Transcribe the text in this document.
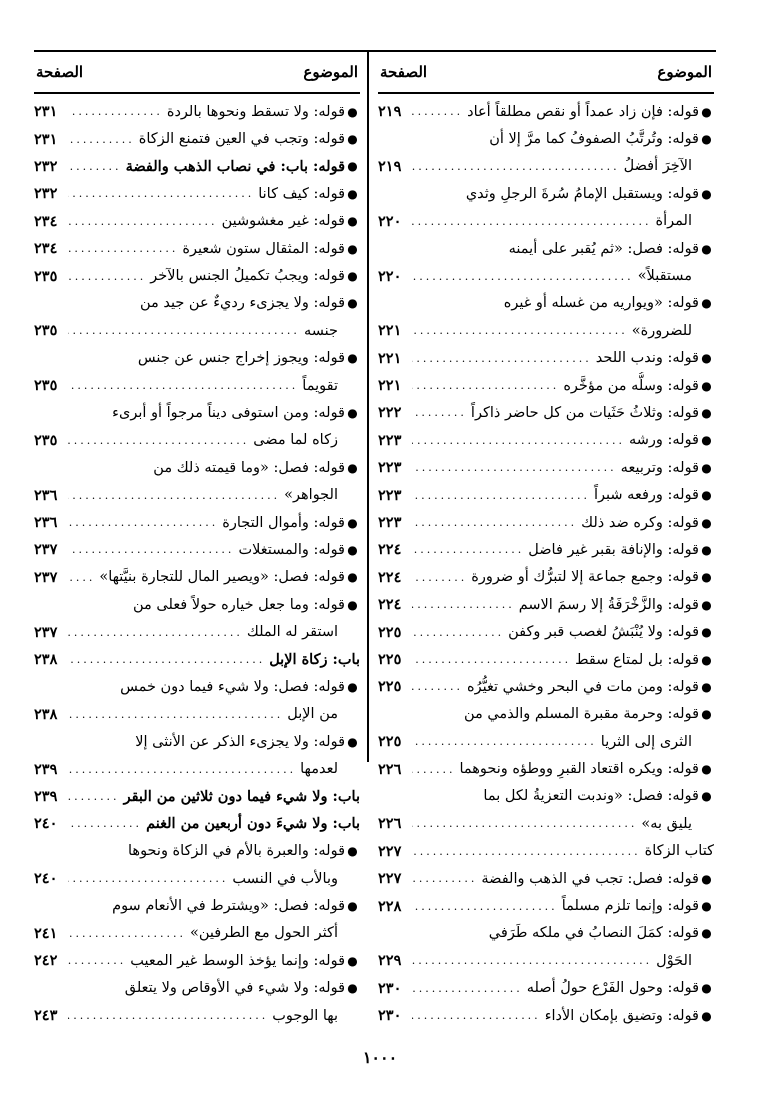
الموضوع
الصفحة
●
قوله: فإن زاد عمداً أو نقص مطلقاً أعاد
.....
٢١٩
●
قوله: وتُرتَّبُ الصفوفُ كما مرَّ إلا أن
الآخِرَ أفضلُ
.....
٢١٩
●
قوله: ويستقبل الإمامُ سُرةَ الرجلِ وثدي
المرأة
.....
٢٢٠
●
قوله: فصل: «ثم يُقبر على أيمنه
مستقبلاً»
.....
٢٢٠
●
قوله: «ويواريه من غسله أو غيره
للضرورة»
.....
٢٢١
●
قوله: وندب اللحد
.....
٢٢١
●
قوله: وسلُّه من مؤخَّره
.....
٢٢١
●
قوله: وثلاثُ حَثَيات من كل حاضر ذاكراً
.....
٢٢٢
●
قوله: ورشه
.....
٢٢٣
●
قوله: وتربيعه
.....
٢٢٣
●
قوله: ورفعه شبراً
.....
٢٢٣
●
قوله: وكره ضد ذلك
.....
٢٢٣
●
قوله: والإنافة بقبر غير فاضل
.....
٢٢٤
●
قوله: وجمع جماعة إلا لتبرُّك أو ضرورة
.....
٢٢٤
●
قوله: والزَّخْرَفَةُ إلا رسمَ الاسم
.....
٢٢٤
●
قوله: ولا يُنْبَشُ لغصب قبر وكفن
.....
٢٢٥
●
قوله: بل لمتاع سقط
.....
٢٢٥
●
قوله: ومن مات في البحر وخشي تغيُّرُه
.....
٢٢٥
●
قوله: وحرمة مقبرة المسلم والذمي من
الثرى إلى الثريا
.....
٢٢٥
●
قوله: ويكره اقتعاد القبرِ ووطؤه ونحوهما
.....
٢٢٦
●
قوله: فصل: «وندبت التعزيةُ لكل بما
يليق به»
.....
٢٢٦
كتاب الزكاة
.....
٢٢٧
●
قوله: فصل: تجب في الذهب والفضة
.....
٢٢٧
●
قوله: وإنما تلزم مسلماً
.....
٢٢٨
●
قوله: كمَلَ النصابُ في ملكه طَرَفي
الحَوْل
.....
٢٢٩
●
قوله: وحول الفَرْع حولُ أصله
.....
٢٣٠
●
قوله: وتضيق بإمكان الأداء
.....
٢٣٠
الموضوع
الصفحة
●
قوله: ولا تسقط ونحوها بالردة
.....
٢٣١
●
قوله: وتجب في العين فتمنع الزكاة
.....
٢٣١
●
قوله: باب: في نصاب الذهب والفضة
.....
٢٣٢
●
قوله: كيف كانا
.....
٢٣٢
●
قوله: غير مغشوشين
.....
٢٣٤
●
قوله: المثقال ستون شعيرة
.....
٢٣٤
●
قوله: ويجبُ تكميلُ الجنس بالآخر
.....
٢٣٥
●
قوله: ولا يجزىء رديءٌ عن جيد من
جنسه
.....
٢٣٥
●
قوله: ويجوز إخراج جنس عن جنس
تقويماً
.....
٢٣٥
●
قوله: ومن استوفى ديناً مرجواً أو أبرىء
زكاه لما مضى
.....
٢٣٥
●
قوله: فصل: «وما قيمته ذلك من
الجواهر»
.....
٢٣٦
●
قوله: وأموال التجارة
.....
٢٣٦
●
قوله: والمستغلات
.....
٢٣٧
●
قوله: فصل: «ويصير المال للتجارة بنيَّتها»
.....
٢٣٧
●
قوله: وما جعل خياره حولاً فعلى من
استقر له الملك
.....
٢٣٧
باب: زكاة الإبل
.....
٢٣٨
●
قوله: فصل: ولا شيء فيما دون خمس
من الإبل
.....
٢٣٨
●
قوله: ولا يجزىء الذكر عن الأنثى إلا
لعدمها
.....
٢٣٩
باب: ولا شيء فيما دون ثلاثين من البقر
.....
٢٣٩
باب: ولا شيءَ دون أربعين من الغنم
.....
٢٤٠
●
قوله: والعبرة بالأم في الزكاة ونحوها
وبالأب في النسب
.....
٢٤٠
●
قوله: فصل: «ويشترط في الأنعام سوم
أكثر الحول مع الطرفين»
.....
٢٤١
●
قوله: وإنما يؤخذ الوسط غير المعيب
.....
٢٤٢
●
قوله: ولا شيء في الأوقاص ولا يتعلق
بها الوجوب
.....
٢٤٣
١٠٠٠
